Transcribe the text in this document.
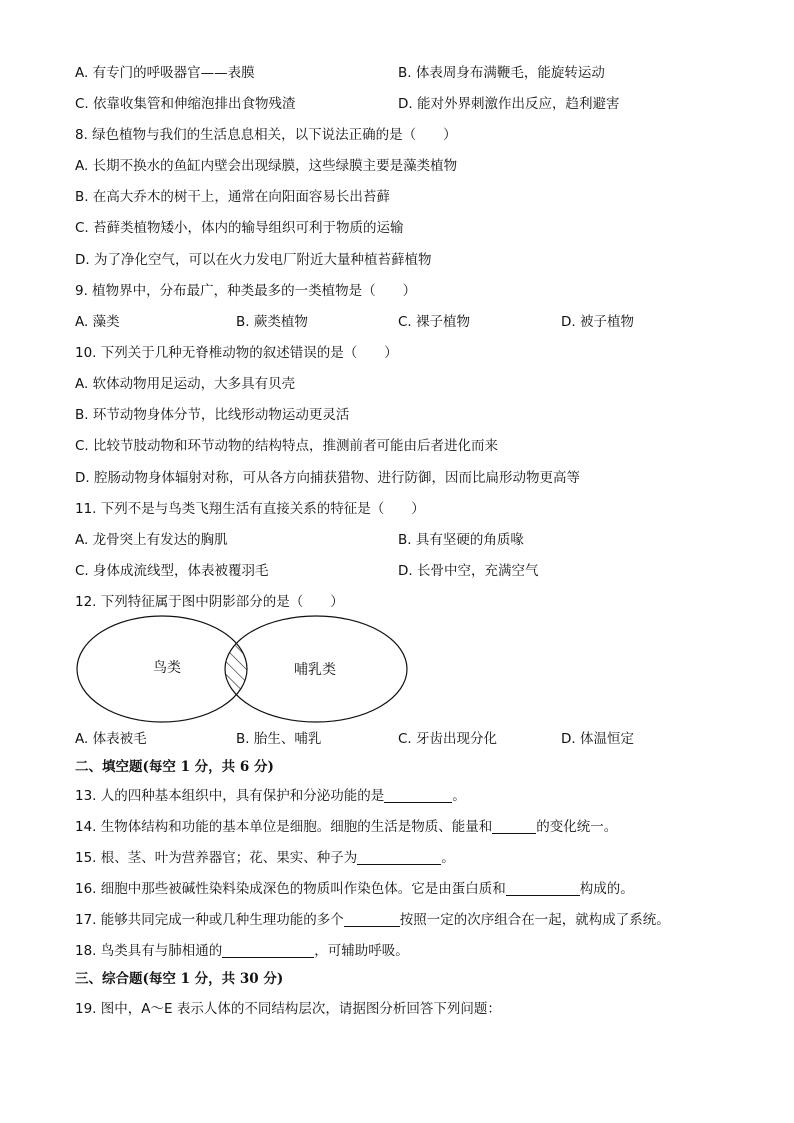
A. 有专门的呼吸器官——表膜	B. 体表周身布满鞭毛，能旋转运动
C. 依靠收集管和伸缩泡排出食物残渣	D. 能对外界刺激作出反应，趋利避害
8. 绿色植物与我们的生活息息相关，以下说法正确的是（　　）
A. 长期不换水的鱼缸内壁会出现绿膜，这些绿膜主要是藻类植物
B. 在高大乔木的树干上，通常在向阳面容易长出苔藓
C. 苔藓类植物矮小，体内的输导组织可利于物质的运输
D. 为了净化空气，可以在火力发电厂附近大量种植苔藓植物
9. 植物界中，分布最广，种类最多的一类植物是（　　）
A. 藻类	B. 蕨类植物	C. 裸子植物	D. 被子植物
10. 下列关于几种无脊椎动物的叙述错误的是（　　）
A. 软体动物用足运动，大多具有贝壳
B. 环节动物身体分节，比线形动物运动更灵活
C. 比较节肢动物和环节动物的结构特点，推测前者可能由后者进化而来
D. 腔肠动物身体辐射对称，可从各方向捕获猎物、进行防御，因而比扁形动物更高等
11. 下列不是与鸟类飞翔生活有直接关系的特征是（　　）
A. 龙骨突上有发达的胸肌	B. 具有坚硬的角质喙
C. 身体成流线型，体表被覆羽毛	D. 长骨中空，充满空气
12. 下列特征属于图中阴影部分的是（　　）
鸟类	哺乳类
A. 体表被毛	B. 胎生、哺乳	C. 牙齿出现分化	D. 体温恒定
二、填空题(每空 1 分，共 6 分)
13. 人的四种基本组织中，具有保护和分泌功能的是	。
14. 生物体结构和功能的基本单位是细胞。细胞的生活是物质、能量和	的变化统一。
15. 根、茎、叶为营养器官；花、果实、种子为	。
16. 细胞中那些被碱性染料染成深色的物质叫作染色体。它是由蛋白质和	构成的。
17. 能够共同完成一种或几种生理功能的多个	按照一定的次序组合在一起，就构成了系统。
18. 鸟类具有与肺相通的	，可辅助呼吸。
三、综合题(每空 1 分，共 30 分)
19. 图中，A～E 表示人体的不同结构层次，请据图分析回答下列问题：
